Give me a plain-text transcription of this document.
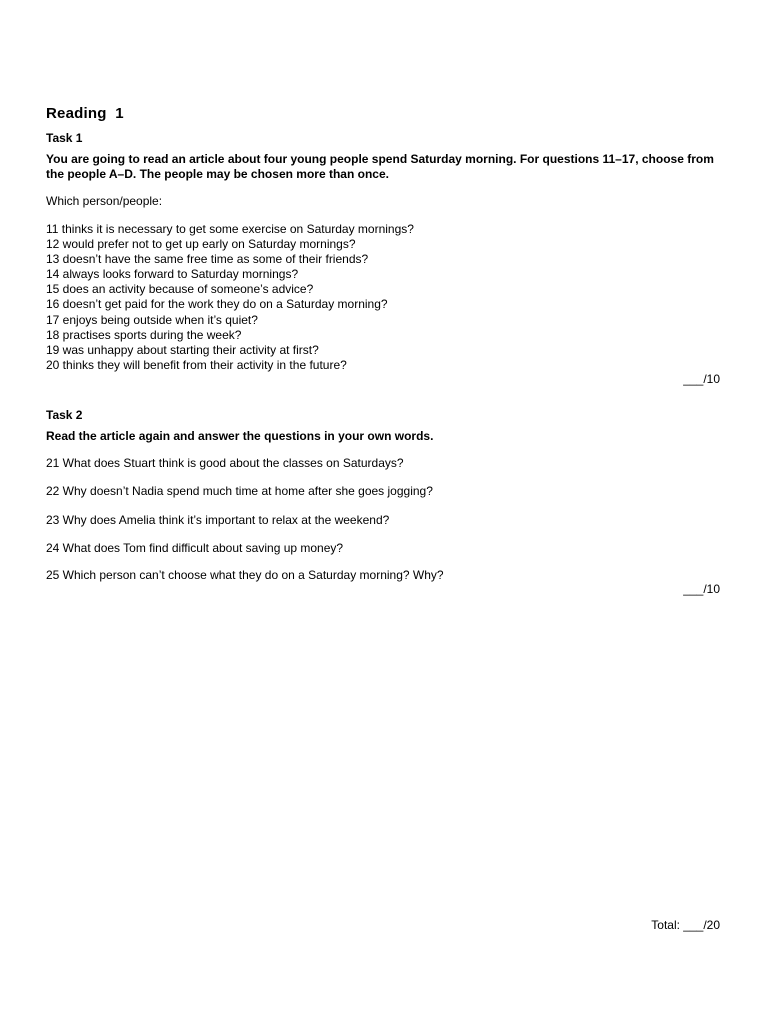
Reading  1
Task 1
You are going to read an article about four young people spend Saturday morning. For questions 11–17, choose from the people A–D. The people may be chosen more than once.
Which person/people:
11 thinks it is necessary to get some exercise on Saturday mornings?
12 would prefer not to get up early on Saturday mornings?
13 doesn’t have the same free time as some of their friends?
14 always looks forward to Saturday mornings?
15 does an activity because of someone’s advice?
16 doesn’t get paid for the work they do on a Saturday morning?
17 enjoys being outside when it’s quiet?
18 practises sports during the week?
19 was unhappy about starting their activity at first?
20 thinks they will benefit from their activity in the future?
___/10
Task 2
Read the article again and answer the questions in your own words.
21 What does Stuart think is good about the classes on Saturdays?
22 Why doesn’t Nadia spend much time at home after she goes jogging?
23 Why does Amelia think it’s important to relax at the weekend?
24 What does Tom find difficult about saving up money?
25 Which person can’t choose what they do on a Saturday morning? Why?
___/10
Total: ___/20
